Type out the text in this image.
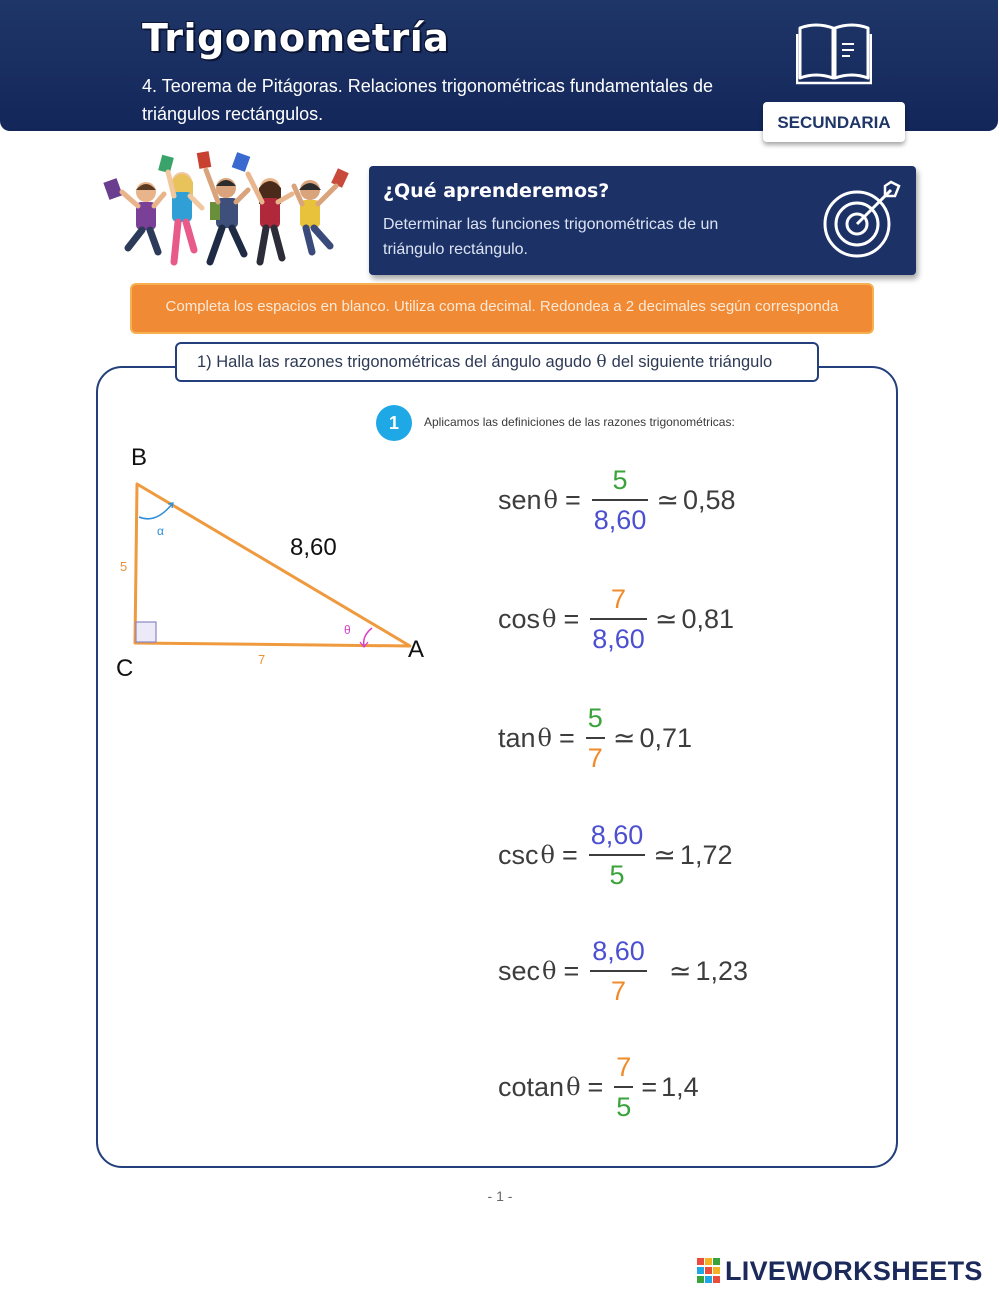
Trigonometría
4. Teorema de Pitágoras. Relaciones trigonométricas fundamentales de triángulos rectángulos.	SECUNDARIA
¿Qué aprenderemos?
Determinar las funciones trigonométricas de un triángulo rectángulo.
Completa los espacios en blanco. Utiliza coma decimal. Redondea a 2 decimales según corresponda
1) Halla las razones trigonométricas del ángulo agudo θ del siguiente triángulo
1	Aplicamos las definiciones de las razones trigonométricas:
α
θ
B
C
A
5
7
8,60
sen $\theta = \frac{5}{8,60}$ ≃ 0,58
$\cos \theta = \frac{7}{8,60}$ ≃ 0,81
$\tan \theta = \frac{5}{7}$ ≃ 0,71
$\csc \theta = \frac{8,60}{5}$ ≃ 1,72
$\sec \theta = \frac{8,60}{7}$ ≃ 1,23
cotan $\theta = \frac{7}{5} = 1,4$
- 1 -
LIVEWORKSHEETS
